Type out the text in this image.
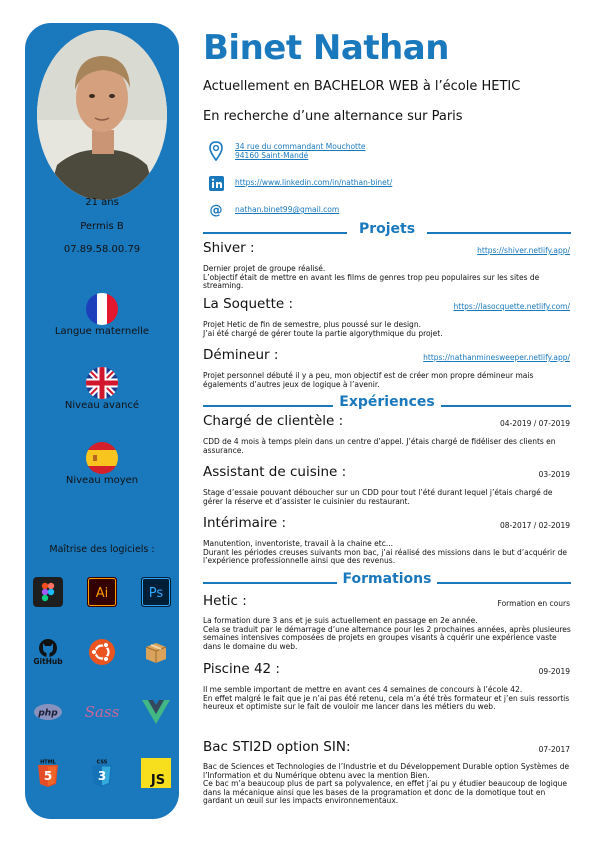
21 ans
Permis B
07.89.58.00.79
Langue maternelle
Niveau avancé
Niveau moyen
Maîtrise des logiciels :
Ai	Ps
GitHub
php Sass
HTML
5
CSS
3	JS
Binet Nathan
Actuellement en BACHELOR WEB à l’école HETIC
En recherche d’une alternance sur Paris
34 rue du commandant Mouchotte
94160 Saint-Mandé
https://www.linkedin.com/in/nathan-binet/
@	nathan.binet99@gmail.com
Projets
Shiver :	https://shiver.netlify.app/
Dernier projet de groupe réalisé.
L’objectif était de mettre en avant les films de genres trop peu populaires sur les sites de streaming.
La Soquette :	https://lasocquette.netlify.com/
Projet Hetic de fin de semestre, plus poussé sur le design.
J’ai été chargé de gérer toute la partie algorythmique du projet.
Démineur :	https://nathanminesweeper.netlify.app/
Projet personnel débuté il y a peu, mon objectif est de créer mon propre démineur mais égalements d’autres jeux de logique à l’avenir.
Expériences
Chargé de clientèle :	04-2019 / 07-2019
CDD de 4 mois à temps plein dans un centre d’appel. J’étais chargé de fidéliser des clients en assurance.
Assistant de cuisine :	03-2019
Stage d’essaie pouvant déboucher sur un CDD pour tout l’été durant lequel j’étais chargé de gérer la réserve et d’assister le cuisinier du restaurant.
Intérimaire :	08-2017 / 02-2019
Manutention, inventoriste, travail à la chaine etc...
Durant les périodes creuses suivants mon bac, j’ai réalisé des missions dans le but d’acquérir de l’expérience professionnelle ainsi que des revenus.
Formations
Hetic :	Formation en cours
La formation dure 3 ans et je suis actuellement en passage en 2e année.
Cela se traduit par le démarrage d’une alternance pour les 2 prochaines années, après plusieures semaines intensives composées de projets en groupes visants à cquérir une expérience vaste dans le domaine du web.
Piscine 42 :	09-2019
Il me semble important de mettre en avant ces 4 semaines de concours à l’école 42.
En effet malgré le fait que je n’ai pas été retenu, cela m’a été très formateur et j’en suis ressortis heureux et optimiste sur le fait de vouloir me lancer dans les métiers du web.
Bac STI2D option SIN:	07-2017
Bac de Sciences et Technologies de l’Industrie et du Développement Durable option Systèmes de l’Information et du Numérique obtenu avec la mention Bien.
Ce bac m’a beaucoup plus de part sa polyvalence, en effet j’ai pu y étudier beaucoup de logique dans la mécanique ainsi que les bases de la programation et donc de la domotique tout en gardant un œuil sur les impacts environnementaux.
